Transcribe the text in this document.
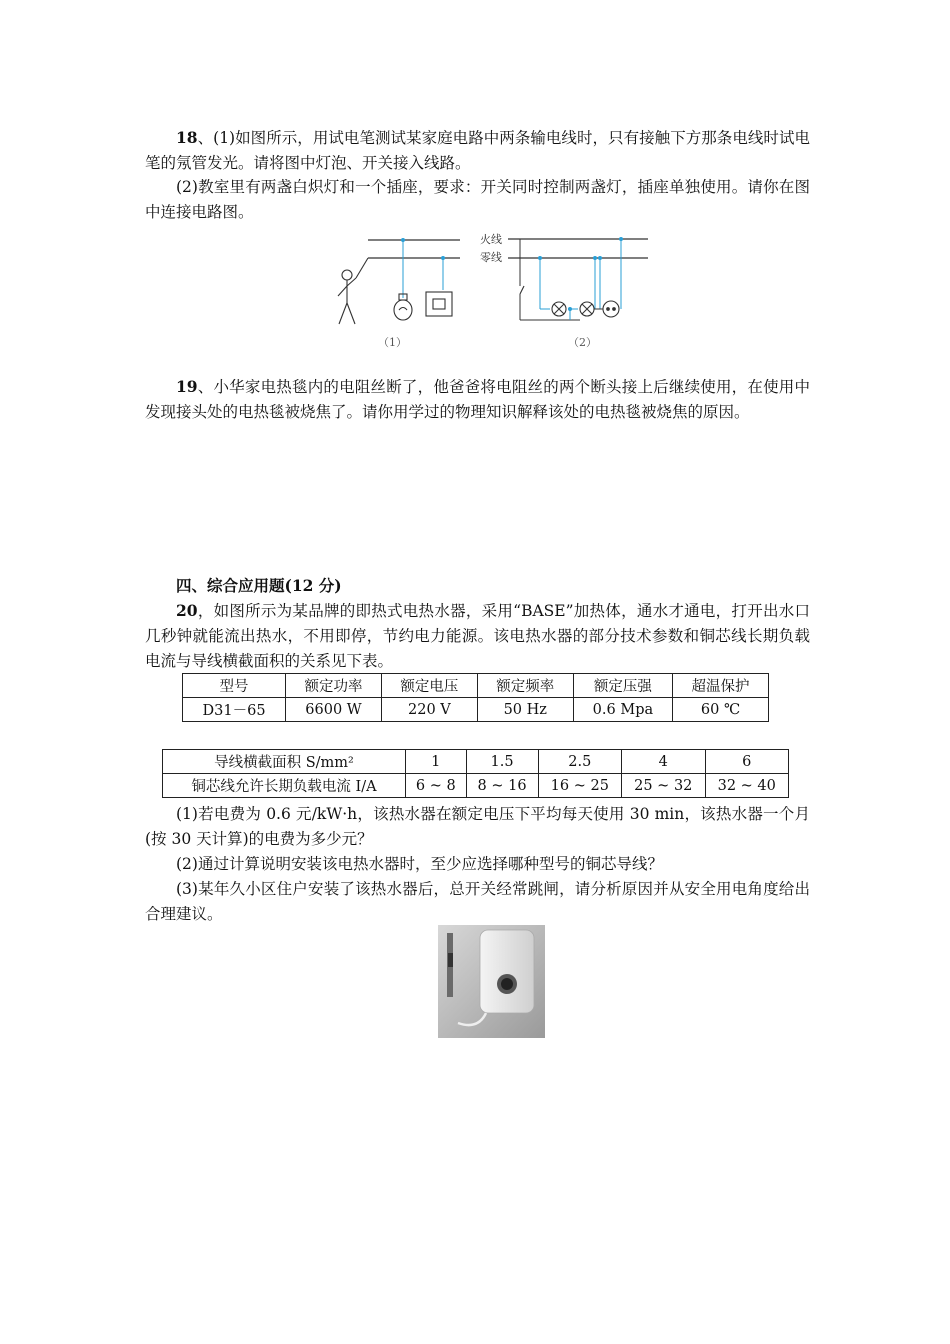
18、(1)如图所示，用试电笔测试某家庭电路中两条输电线时，只有接触下方那条电线时试电笔的氖管发光。请将图中灯泡、开关接入线路。
(2)教室里有两盏白炽灯和一个插座，要求：开关同时控制两盏灯，插座单独使用。请你在图中连接电路图。
（1）
火线
零线
（2）
19、小华家电热毯内的电阻丝断了，他爸爸将电阻丝的两个断头接上后继续使用，在使用中发现接头处的电热毯被烧焦了。请你用学过的物理知识解释该处的电热毯被烧焦的原因。
四、综合应用题(12 分)
20，如图所示为某品牌的即热式电热水器，采用“BASE”加热体，通水才通电，打开出水口几秒钟就能流出热水，不用即停，节约电力能源。该电热水器的部分技术参数和铜芯线长期负载电流与导线横截面积的关系见下表。
型号	额定功率	额定电压	额定频率	额定压强	超温保护
D31－65	6600 W	220 V	50 Hz	0.6 Mpa	60 ℃
导线横截面积 S/mm²	1	1.5	2.5	4	6
铜芯线允许长期负载电流 I/A	6 ~ 8	8 ~ 16	16 ~ 25	25 ~ 32	32 ~ 40
(1)若电费为 0.6 元/kW·h，该热水器在额定电压下平均每天使用 30 min，该热水器一个月(按 30 天计算)的电费为多少元？
(2)通过计算说明安装该电热水器时，至少应选择哪种型号的铜芯导线？
(3)某年久小区住户安装了该热水器后，总开关经常跳闸，请分析原因并从安全用电角度给出合理建议。
